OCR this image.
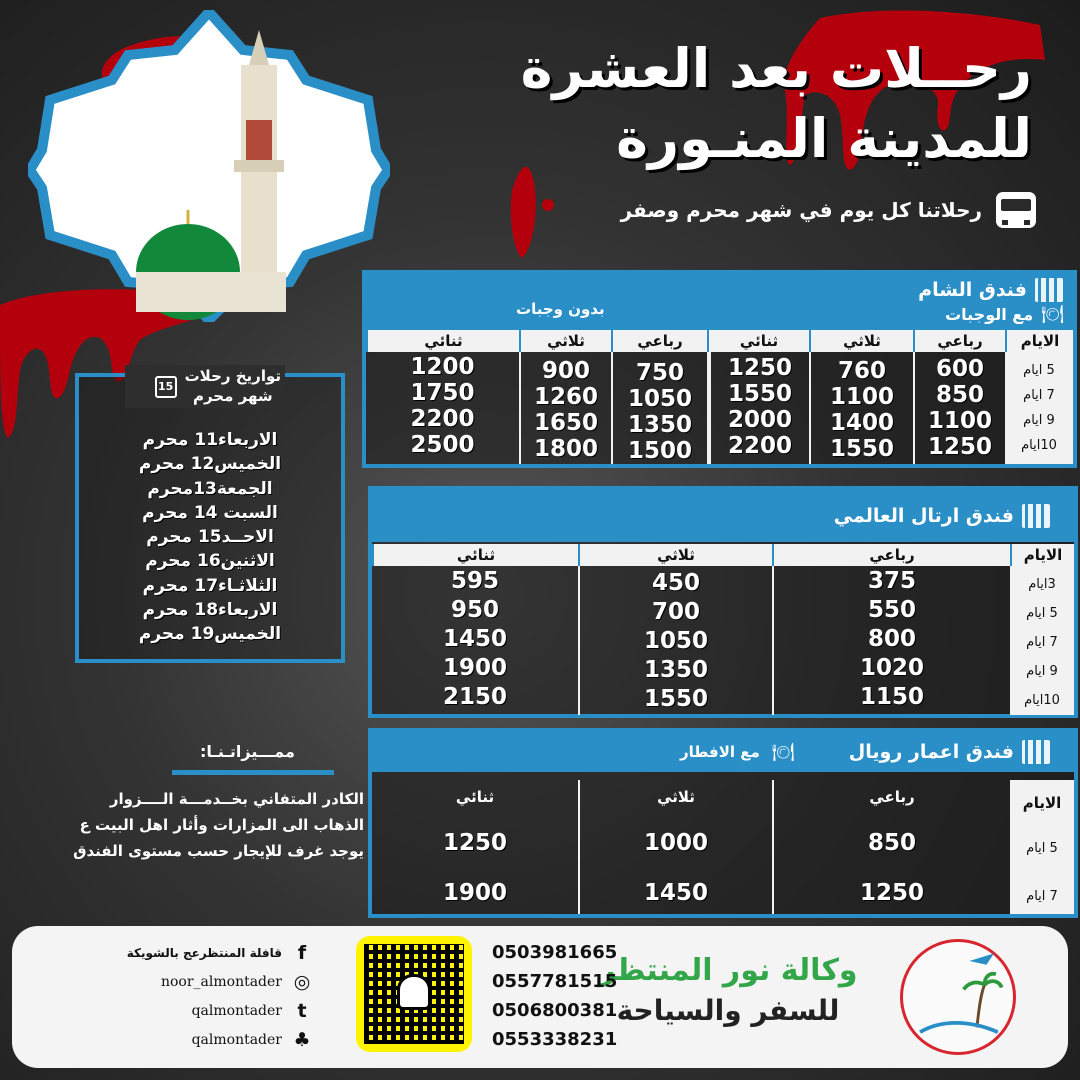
رحــلات بعد العشرة
للمدينة المنـورة
رحلاتنا كل يوم في شهر محرم وصفر
تواريخ رحلات
شهر محرم
15
الاربعاء11 محرم
الخميس12 محرم
الجمعة13محرم
السبت 14 محرم
الاحــد15 محرم
الاثنين16 محرم
الثلاثـاء17 محرم
الاربعاء18 محرم
الخميس19 محرم
ممـــيزاتـنـا:
الكادر المتفاني بخــدمـــة الــــزوار
الذهاب الى المزارات وأثار اهل البيت ع
يوجد غرف للإيجار حسب مستوى الفندق
فندق الشام
🍽
مع الوجبات
بدون وجبات
الايام
رباعي
ثلاثي
ثنائي
رباعي
ثلاثي
ثنائي
5 ايام
7 ايام
9 ايام
10ايام
600
850
1100
1250
760
1100
1400
1550
1250
1550
2000
2200
750
1050
1350
1500
900
1260
1650
1800
1200
1750
2200
2500
فندق ارتال العالمي
الايام
رباعي
ثلاثي
ثنائي
3ايام
5 ايام
7 ايام
9 ايام
10ايام
375
550
800
1020
1150
450
700
1050
1350
1550
595
950
1450
1900
2150
فندق اعمار رويال
🍽
مع الافطار
الايام
5 ايام
7 ايام
رباعي
850
1250
ثلاثي
1000
1450
ثنائي
1250
1900
وكالة نور المنتظر
للسفر والسياحة
0503981665
0557781515
0506800381
0553338231
قافلة المنتظرعج بالشويكة f
noor_almontader ◎
qalmontader t
qalmontader ♣
